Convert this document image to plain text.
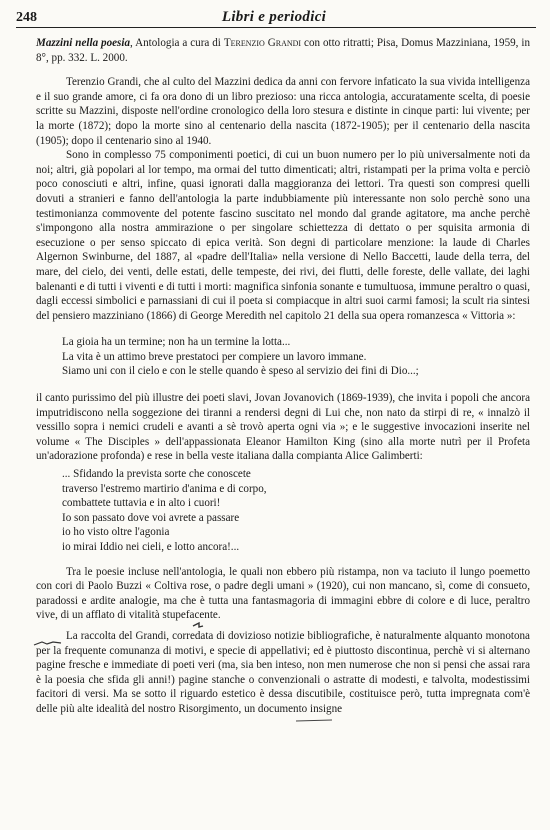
248	Libri e periodici

Mazzini nella poesia, Antologia a cura di Terenzio Grandi con otto ritratti; Pisa, Domus Mazziniana, 1959, in 8°, pp. 332. L. 2000.

Terenzio Grandi, che al culto del Mazzini dedica da anni con fervore infaticato la sua vivida intelligenza e il suo grande amore, ci fa ora dono di un libro prezioso: una ricca antologia, accuratamente scelta, di poesie scritte su Mazzini, disposte nell'ordine cronologico della loro stesura e distinte in cinque parti: lui vivente; per la morte (1872); dopo la morte sino al centenario della nascita (1872-1905); per il centenario della nascita (1905); dopo il centenario sino al 1940.

Sono in complesso 75 componimenti poetici, di cui un buon numero per lo più universalmente noti da noi; altri, già popolari al lor tempo, ma ormai del tutto dimenticati; altri, ristampati per la prima volta e perciò poco conosciuti e altri, infine, quasi ignorati dalla maggioranza dei lettori. Tra questi son compresi quelli dovuti a stranieri e fanno dell'antologia la parte indubbiamente più interessante non solo perchè sono una testimonianza commovente del potente fascino suscitato nel mondo dal grande agitatore, ma anche perchè s'impongono alla nostra ammirazione o per singolare schiettezza di dettato o per squisita armonia di esecuzione o per senso spiccato di epica verità. Son degni di particolare menzione: la laude di Charles Algernon Swinburne, del 1887, al «padre dell'Italia» nella versione di Nello Baccetti, laude della terra, del mare, del cielo, dei venti, delle estati, delle tempeste, dei rivi, dei flutti, delle foreste, delle vallate, dei laghi balenanti e di tutti i viventi e di tutti i morti: magnifica sinfonia sonante e tumultuosa, immune peraltro o quasi, dagli eccessi simbolici e parnassiani di cui il poeta si compiacque in altri suoi carmi famosi; la scult ria sintesi del pensiero mazziniano (1866) di George Meredith nel capitolo 21 della sua opera romanzesca « Vittoria »:

La gioia ha un termine; non ha un termine la lotta...

La vita è un attimo breve prestatoci per compiere un lavoro immane.

Siamo uni con il cielo e con le stelle quando è speso al servizio dei fini di Dio...;

il canto purissimo del più illustre dei poeti slavi, Jovan Jovanovich (1869-1939), che invita i popoli che ancora imputridiscono nella soggezione dei tiranni a rendersi degni di Lui che, non nato da stirpi di re, « innalzò il vessillo sopra i nemici crudeli e avanti a sè trovò aperta ogni via »; e le suggestive invocazioni inserite nel volume « The Disciples » dell'appassionata Eleanor Hamilton King (sino alla morte nutrì per il Profeta un'adorazione profonda) e rese in bella veste italiana dalla compianta Alice Galimberti:

... Sfidando la prevista sorte che conoscete

traverso l'estremo martirio d'anima e di corpo,

combattete tuttavia e in alto i cuori!

Io son passato dove voi avrete a passare

io ho visto oltre l'agonia

io mirai Iddio nei cieli, e lotto ancora!...

Tra le poesie incluse nell'antologia, le quali non ebbero più ristampa, non va taciuto il lungo poemetto con cori di Paolo Buzzi « Coltiva rose, o padre degli umani » (1920), cui non mancano, sì, come di consueto, paradossi e ardite analogie, ma che è tutta una fantasmagoria di immagini ebbre di colore e di luce, peraltro vive, di un afflato di vitalità stupefacente.

La raccolta del Grandi, corredata di dovizioso notizie bibliografiche, è naturalmente alquanto monotona per la frequente comunanza di motivi, e specie di appellativi; ed è piuttosto discontinua, perchè vi si alternano pagine fresche e immediate di poeti veri (ma, sia ben inteso, non men numerose che non si pensi che assai rara è la poesia che sfida gli anni!) pagine stanche o convenzionali o astratte di modesti, e talvolta, modestissimi facitori di versi. Ma se sotto il riguardo estetico è dessa discutibile, costituisce però, tutta impregnata com'è delle più alte idealità del nostro Risorgimento, un documento insigne
